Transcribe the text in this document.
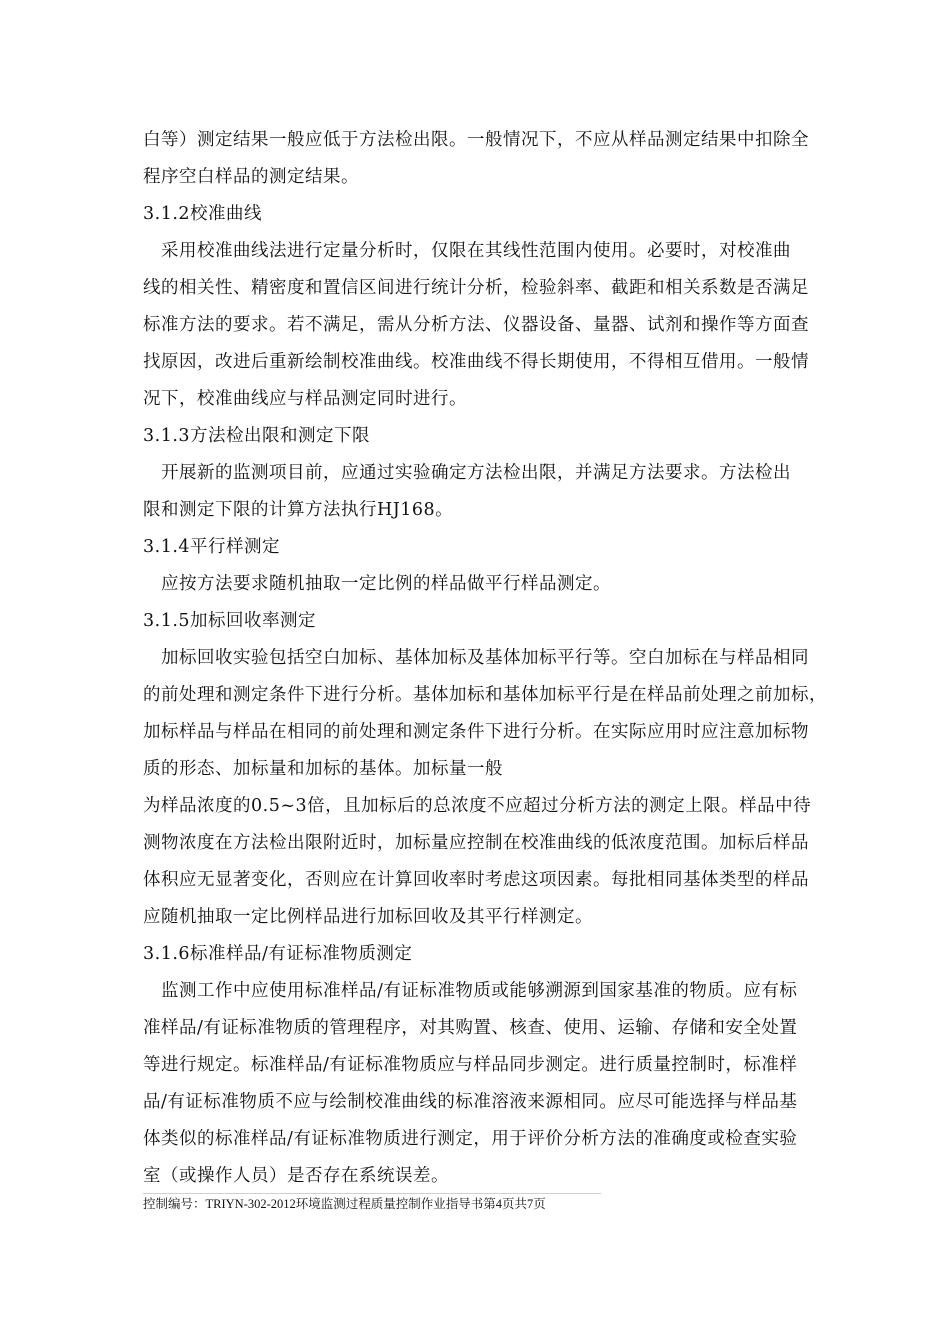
白等）测定结果一般应低于方法检出限。一般情况下，不应从样品测定结果中扣除全
程序空白样品的测定结果。
3.1.2校准曲线
　采用校准曲线法进行定量分析时，仅限在其线性范围内使用。必要时，对校准曲
线的相关性、精密度和置信区间进行统计分析，检验斜率、截距和相关系数是否满足
标准方法的要求。若不满足，需从分析方法、仪器设备、量器、试剂和操作等方面查
找原因，改进后重新绘制校准曲线。校准曲线不得长期使用，不得相互借用。一般情
况下，校准曲线应与样品测定同时进行。
3.1.3方法检出限和测定下限
　开展新的监测项目前，应通过实验确定方法检出限，并满足方法要求。方法检出
限和测定下限的计算方法执行HJ168。
3.1.4平行样测定
　应按方法要求随机抽取一定比例的样品做平行样品测定。
3.1.5加标回收率测定
　加标回收实验包括空白加标、基体加标及基体加标平行等。空白加标在与样品相同
的前处理和测定条件下进行分析。基体加标和基体加标平行是在样品前处理之前加标，
加标样品与样品在相同的前处理和测定条件下进行分析。在实际应用时应注意加标物
质的形态、加标量和加标的基体。加标量一般
为样品浓度的0.5~3倍，且加标后的总浓度不应超过分析方法的测定上限。样品中待
测物浓度在方法检出限附近时，加标量应控制在校准曲线的低浓度范围。加标后样品
体积应无显著变化，否则应在计算回收率时考虑这项因素。每批相同基体类型的样品
应随机抽取一定比例样品进行加标回收及其平行样测定。
3.1.6标准样品/有证标准物质测定
　监测工作中应使用标准样品/有证标准物质或能够溯源到国家基准的物质。应有标
准样品/有证标准物质的管理程序，对其购置、核查、使用、运输、存储和安全处置
等进行规定。标准样品/有证标准物质应与样品同步测定。进行质量控制时，标准样
品/有证标准物质不应与绘制校准曲线的标准溶液来源相同。应尽可能选择与样品基
体类似的标准样品/有证标准物质进行测定，用于评价分析方法的准确度或检查实验
室（或操作人员）是否存在系统误差。
控制编号：TRIYN-302-2012环境监测过程质量控制作业指导书第4页共7页
